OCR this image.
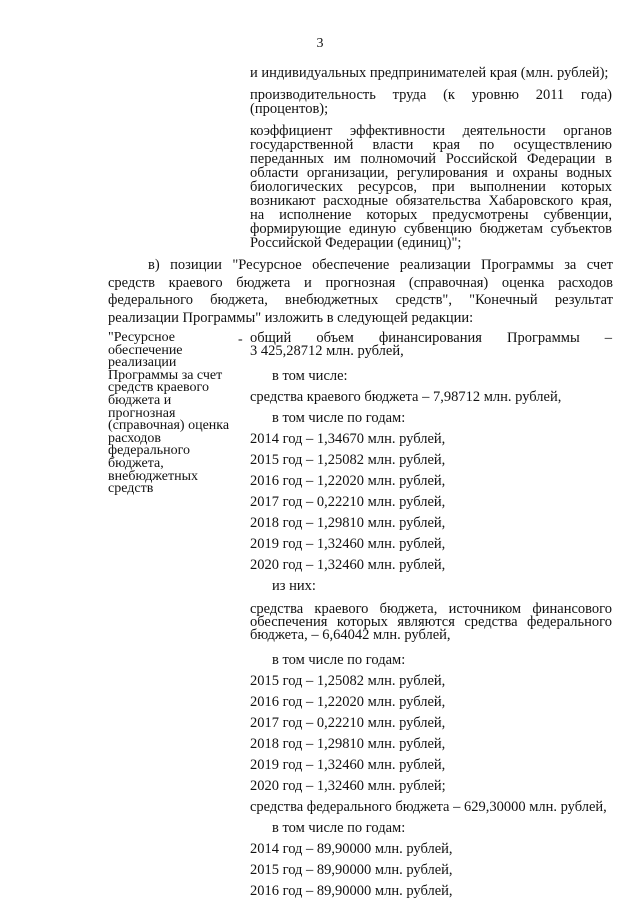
3

и индивидуальных предпринимателей края (млн. рублей);

производительность труда (к уровню 2011 года) (процентов);

коэффициент эффективности деятельности органов государственной власти края по осуществлению переданных им полномочий Российской Федерации в области организации, регулирования и охраны водных биологических ресурсов, при выполнении которых возникают расходные обязательства Хабаровского края, на исполнение которых предусмотрены субвенции, формирующие единую субвенцию бюджетам субъектов Российской Федерации (единиц)";

в) позиции "Ресурсное обеспечение реализации Программы за счет средств краевого бюджета и прогнозная (справочная) оценка расходов федерального бюджета, внебюджетных средств", "Конечный результат реализации Программы" изложить в следующей редакции:
"Ресурсное обеспечение реализации Программы за счет средств краевого бюджета и прогнозная (справочная) оценка расходов федерального бюджета, внебюджетных средств
- общий объем финансирования Программы –
3 425,28712 млн. рублей,
в том числе:
средства краевого бюджета – 7,98712 млн. рублей,
в том числе по годам:
2014 год – 1,34670 млн. рублей,
2015 год – 1,25082 млн. рублей,
2016 год – 1,22020 млн. рублей,
2017 год – 0,22210 млн. рублей,
2018 год – 1,29810 млн. рублей,
2019 год – 1,32460 млн. рублей,
2020 год – 1,32460 млн. рублей,
из них:
средства краевого бюджета, источником финансового обеспечения которых являются средства федерального бюджета, – 6,64042 млн. рублей,
в том числе по годам:
2015 год – 1,25082 млн. рублей,
2016 год – 1,22020 млн. рублей,
2017 год – 0,22210 млн. рублей,
2018 год – 1,29810 млн. рублей,
2019 год – 1,32460 млн. рублей,
2020 год – 1,32460 млн. рублей;
средства федерального бюджета – 629,30000 млн. рублей,
в том числе по годам:
2014 год – 89,90000 млн. рублей,
2015 год – 89,90000 млн. рублей,
2016 год – 89,90000 млн. рублей,
